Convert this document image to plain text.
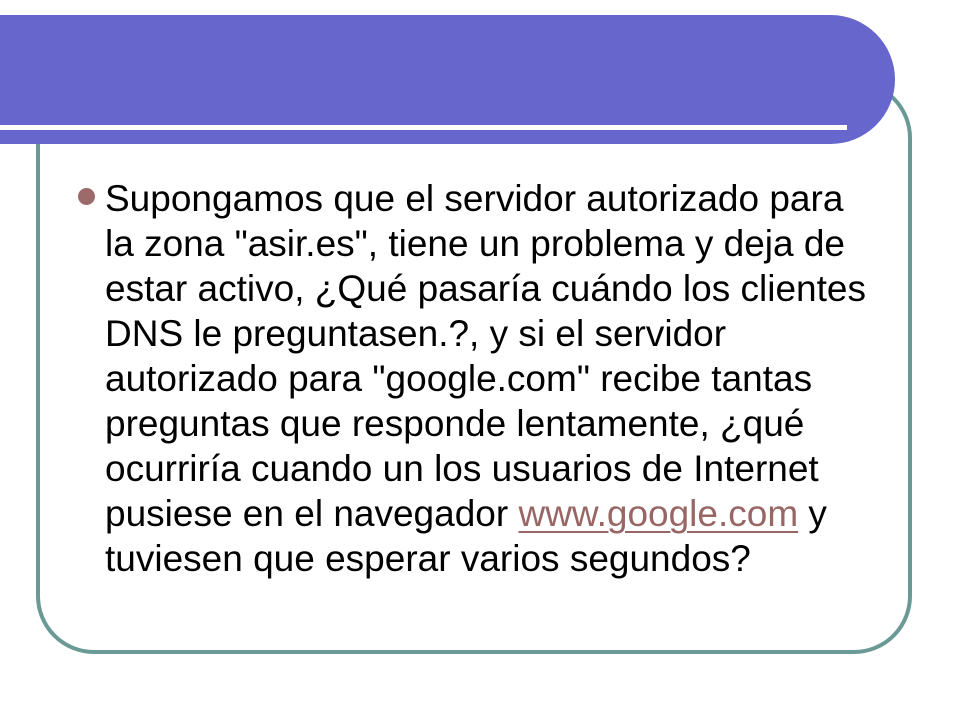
Supongamos que el servidor autorizado para
la zona "asir.es", tiene un problema y deja de
estar activo, ¿Qué pasaría cuándo los clientes
DNS le preguntasen.?, y si el servidor
autorizado para "google.com" recibe tantas
preguntas que responde lentamente, ¿qué
ocurriría cuando un los usuarios de Internet
pusiese en el navegador www.google.com y
tuviesen que esperar varios segundos?
